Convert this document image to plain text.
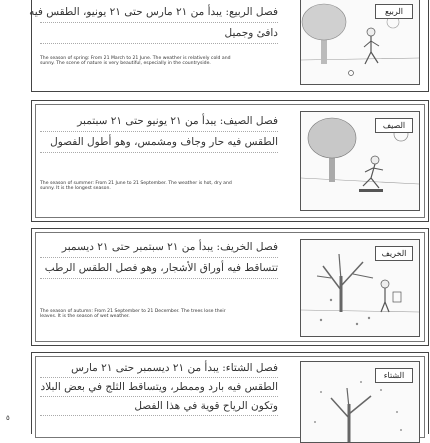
فصل الربيع: يبدأ من ٢١ مارس حتى ٢١ يونيو، الطقس فيه
دافئ وجميل
The season of spring: From 21 March to 21 June. The weather is relatively cold and sunny. The scene of nature is very beautiful, especially in the countryside.
الربيع
فصل الصيف: يبدأ من ٢١ يونيو حتى ٢١ سبتمبر
الطقس فيه حار وجاف ومشمس، وهو أطول الفصول
The season of summer: From 21 June to 21 September. The weather is hot, dry and sunny. It is the longest season.
الصيف
فصل الخريف: يبدأ من ٢١ سبتمبر حتى ٢١ ديسمبر
تتساقط فيه أوراق الأشجار، وهو فصل الطقس الرطب
The season of autumn: From 21 September to 21 December. The trees lose their leaves. It is the season of wet weather.
الخريف
فصل الشتاء: يبدأ من ٢١ ديسمبر حتى ٢١ مارس
الطقس فيه بارد وممطر، ويتساقط الثلج في بعض البلاد
وتكون الرياح قوية في هذا الفصل
الشتاء
٥
